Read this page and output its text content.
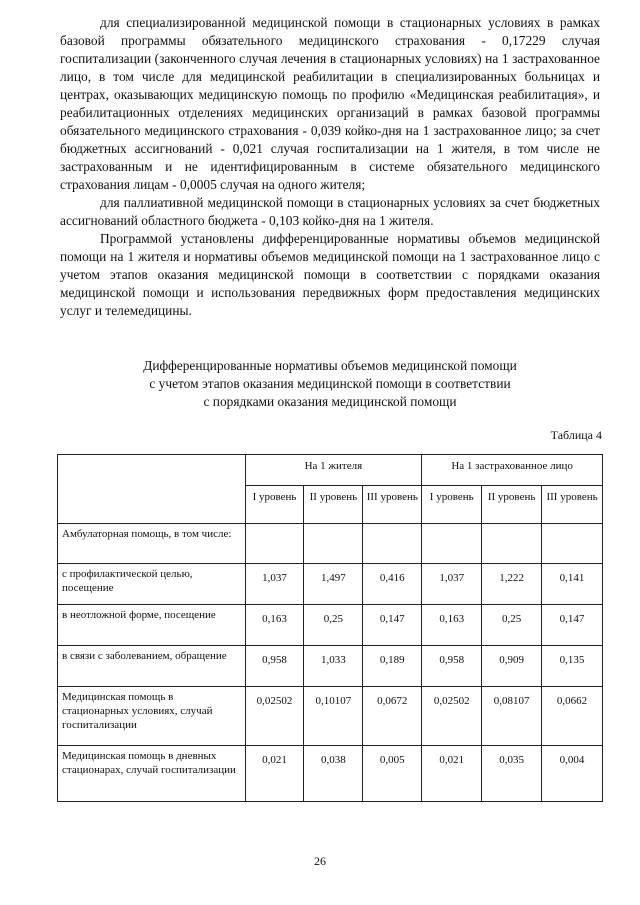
для специализированной медицинской помощи в стационарных условиях в рамках базовой программы обязательного медицинского страхования - 0,17229 случая госпитализации (законченного случая лечения в стационарных условиях) на 1 застрахованное лицо, в том числе для медицинской реабилитации в специализированных больницах и центрах, оказывающих медицинскую помощь по профилю «Медицинская реабилитация», и реабилитационных отделениях медицинских организаций в рамках базовой программы обязательного медицинского страхования - 0,039 койко-дня на 1 застрахованное лицо; за счет бюджетных ассигнований - 0,021 случая госпитализации на 1 жителя, в том числе не застрахованным и не идентифицированным в системе обязательного медицинского страхования лицам - 0,0005 случая на одного жителя;

для паллиативной медицинской помощи в стационарных условиях за счет бюджетных ассигнований областного бюджета - 0,103 койко-дня на 1 жителя.

Программой установлены дифференцированные нормативы объемов медицинской помощи на 1 жителя и нормативы объемов медицинской помощи на 1 застрахованное лицо с учетом этапов оказания медицинской помощи в соответствии с порядками оказания медицинской помощи и использования передвижных форм предоставления медицинских услуг и телемедицины.

Дифференцированные нормативы объемов медицинской помощи
с учетом этапов оказания медицинской помощи в соответствии
с порядками оказания медицинской помощи
Таблица 4
	На 1 жителя			На 1 застрахованное лицо		
	I уровень	II уровень	III уровень	I уровень	II уровень	III уровень
Амбулаторная помощь, в том числе:						
с профилактической целью, посещение	1,037	1,497	0,416	1,037	1,222	0,141
в неотложной форме, посещение	0,163	0,25	0,147	0,163	0,25	0,147
в связи с заболеванием, обращение	0,958	1,033	0,189	0,958	0,909	0,135
Медицинская помощь в стационарных условиях, случай госпитализации	0,02502	0,10107	0,0672	0,02502	0,08107	0,0662
Медицинская помощь в дневных стационарах, случай госпитализации	0,021	0,038	0,005	0,021	0,035	0,004
26
